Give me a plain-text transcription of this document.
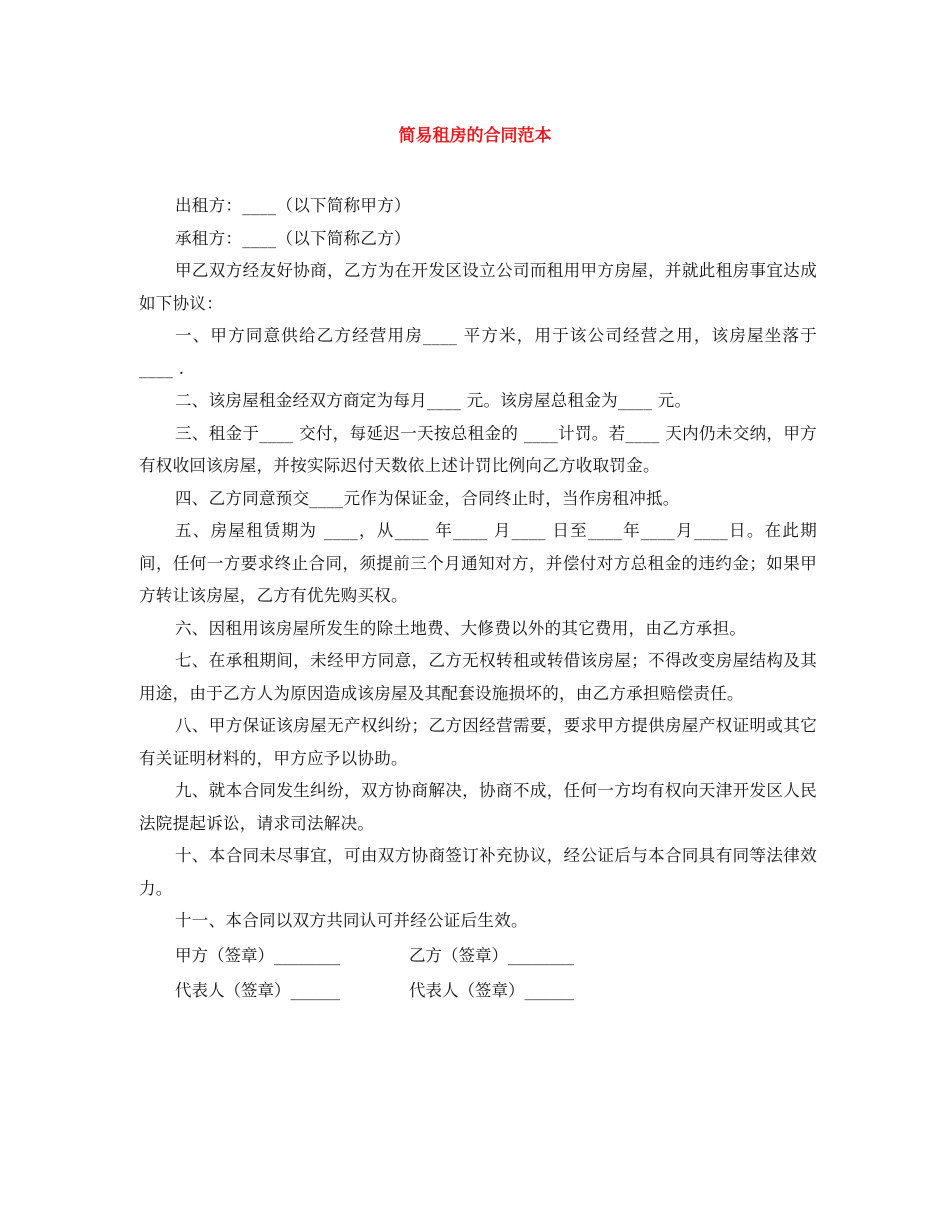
简易租房的合同范本

出租方：____（以下简称甲方）

承租方：____（以下简称乙方）

甲乙双方经友好协商，乙方为在开发区设立公司而租用甲方房屋，并就此租房事宜达成如下协议：

一、甲方同意供给乙方经营用房____ 平方米，用于该公司经营之用，该房屋坐落于____ .

二、该房屋租金经双方商定为每月____ 元。该房屋总租金为____ 元。

三、租金于____ 交付，每延迟一天按总租金的 ____计罚。若____ 天内仍未交纳，甲方有权收回该房屋，并按实际迟付天数依上述计罚比例向乙方收取罚金。

四、乙方同意预交____元作为保证金，合同终止时，当作房租冲抵。

五、房屋租赁期为 ____，从____ 年____ 月____ 日至____年____月____日。在此期间，任何一方要求终止合同，须提前三个月通知对方，并偿付对方总租金的违约金；如果甲方转让该房屋，乙方有优先购买权。

六、因租用该房屋所发生的除土地费、大修费以外的其它费用，由乙方承担。

七、在承租期间，未经甲方同意，乙方无权转租或转借该房屋；不得改变房屋结构及其用途，由于乙方人为原因造成该房屋及其配套设施损坏的，由乙方承担赔偿责任。

八、甲方保证该房屋无产权纠纷；乙方因经营需要，要求甲方提供房屋产权证明或其它有关证明材料的，甲方应予以协助。

九、就本合同发生纠纷，双方协商解决，协商不成，任何一方均有权向天津开发区人民法院提起诉讼，请求司法解决。

十、本合同未尽事宜，可由双方协商签订补充协议，经公证后与本合同具有同等法律效力。

十一、本合同以双方共同认可并经公证后生效。

甲方（签章）________	乙方（签章）________

代表人（签章）______	代表人（签章）______
